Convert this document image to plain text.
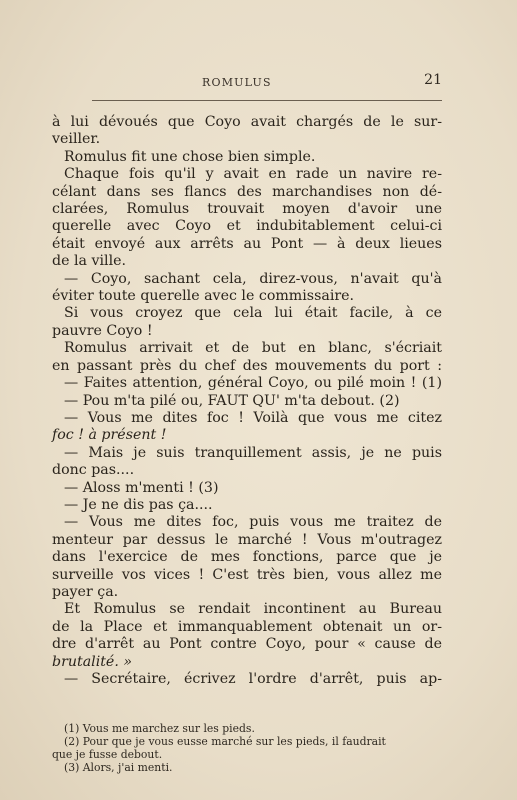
ROMULUS	21
à lui dévoués que Coyo avait chargés de le sur-
veiller.
Romulus fit une chose bien simple.
Chaque fois qu'il y avait en rade un navire re-
célant dans ses flancs des marchandises non dé-
clarées, Romulus trouvait moyen d'avoir une
querelle avec Coyo et indubitablement celui-ci
était envoyé aux arrêts au Pont — à deux lieues
de la ville.
— Coyo, sachant cela, direz-vous, n'avait qu'à
éviter toute querelle avec le commissaire.
Si vous croyez que cela lui était facile, à ce
pauvre Coyo !
Romulus arrivait et de but en blanc, s'écriait
en passant près du chef des mouvements du port :
— Faites attention, général Coyo, ou pilé moin ! (1)
— Pou m'ta pilé ou, FAUT QU' m'ta debout. (2)
— Vous me dites foc ! Voilà que vous me citez
foc ! à présent !
— Mais je suis tranquillement assis, je ne puis
donc pas....
— Aloss m'menti ! (3)
— Je ne dis pas ça....
— Vous me dites foc, puis vous me traitez de
menteur par dessus le marché ! Vous m'outragez
dans l'exercice de mes fonctions, parce que je
surveille vos vices ! C'est très bien, vous allez me
payer ça.
Et Romulus se rendait incontinent au Bureau
de la Place et immanquablement obtenait un or-
dre d'arrêt au Pont contre Coyo, pour « cause de
brutalité. »
— Secrétaire, écrivez l'ordre d'arrêt, puis ap-
(1) Vous me marchez sur les pieds.
(2) Pour que je vous eusse marché sur les pieds, il faudrait
que je fusse debout.
(3) Alors, j'ai menti.
